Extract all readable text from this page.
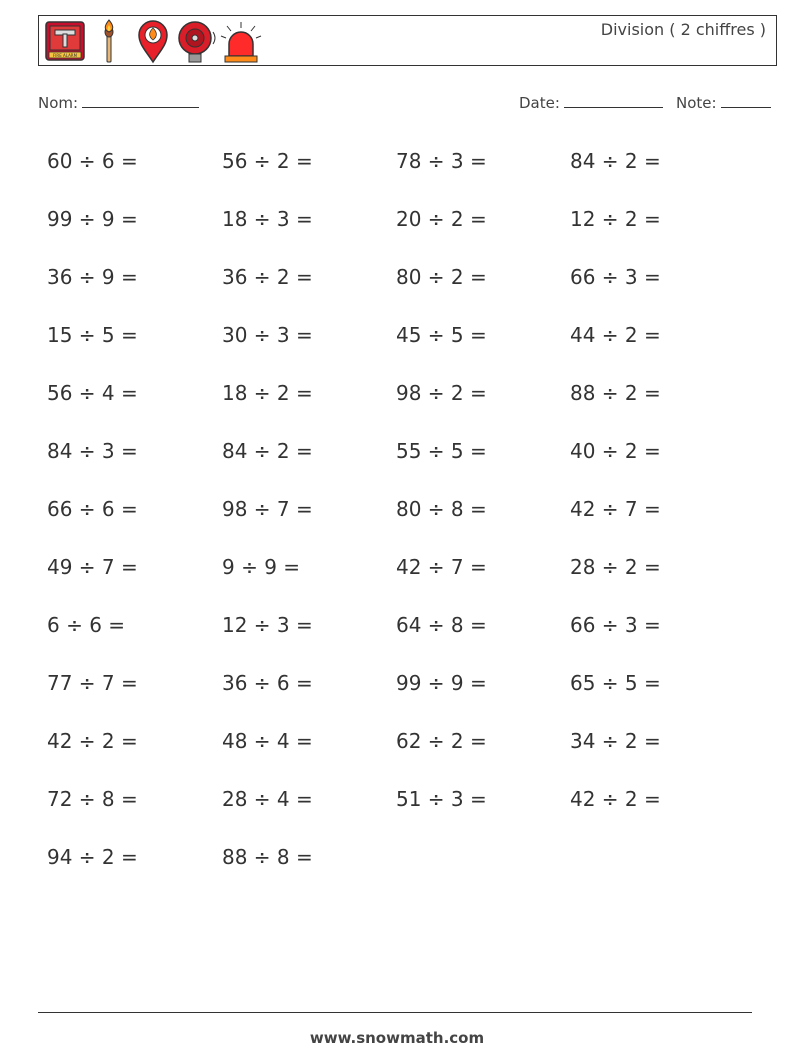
FIRE ALARM
Division ( 2 chiffres )
Nom:	Date:	Note:
60 ÷ 6 =	56 ÷ 2 =	78 ÷ 3 =	84 ÷ 2 =
99 ÷ 9 =	18 ÷ 3 =	20 ÷ 2 =	12 ÷ 2 =
36 ÷ 9 =	36 ÷ 2 =	80 ÷ 2 =	66 ÷ 3 =
15 ÷ 5 =	30 ÷ 3 =	45 ÷ 5 =	44 ÷ 2 =
56 ÷ 4 =	18 ÷ 2 =	98 ÷ 2 =	88 ÷ 2 =
84 ÷ 3 =	84 ÷ 2 =	55 ÷ 5 =	40 ÷ 2 =
66 ÷ 6 =	98 ÷ 7 =	80 ÷ 8 =	42 ÷ 7 =
49 ÷ 7 =	9 ÷ 9 =	42 ÷ 7 =	28 ÷ 2 =
6 ÷ 6 =	12 ÷ 3 =	64 ÷ 8 =	66 ÷ 3 =
77 ÷ 7 =	36 ÷ 6 =	99 ÷ 9 =	65 ÷ 5 =
42 ÷ 2 =	48 ÷ 4 =	62 ÷ 2 =	34 ÷ 2 =
72 ÷ 8 =	28 ÷ 4 =	51 ÷ 3 =	42 ÷ 2 =
94 ÷ 2 =	88 ÷ 8 =
www.snowmath.com
